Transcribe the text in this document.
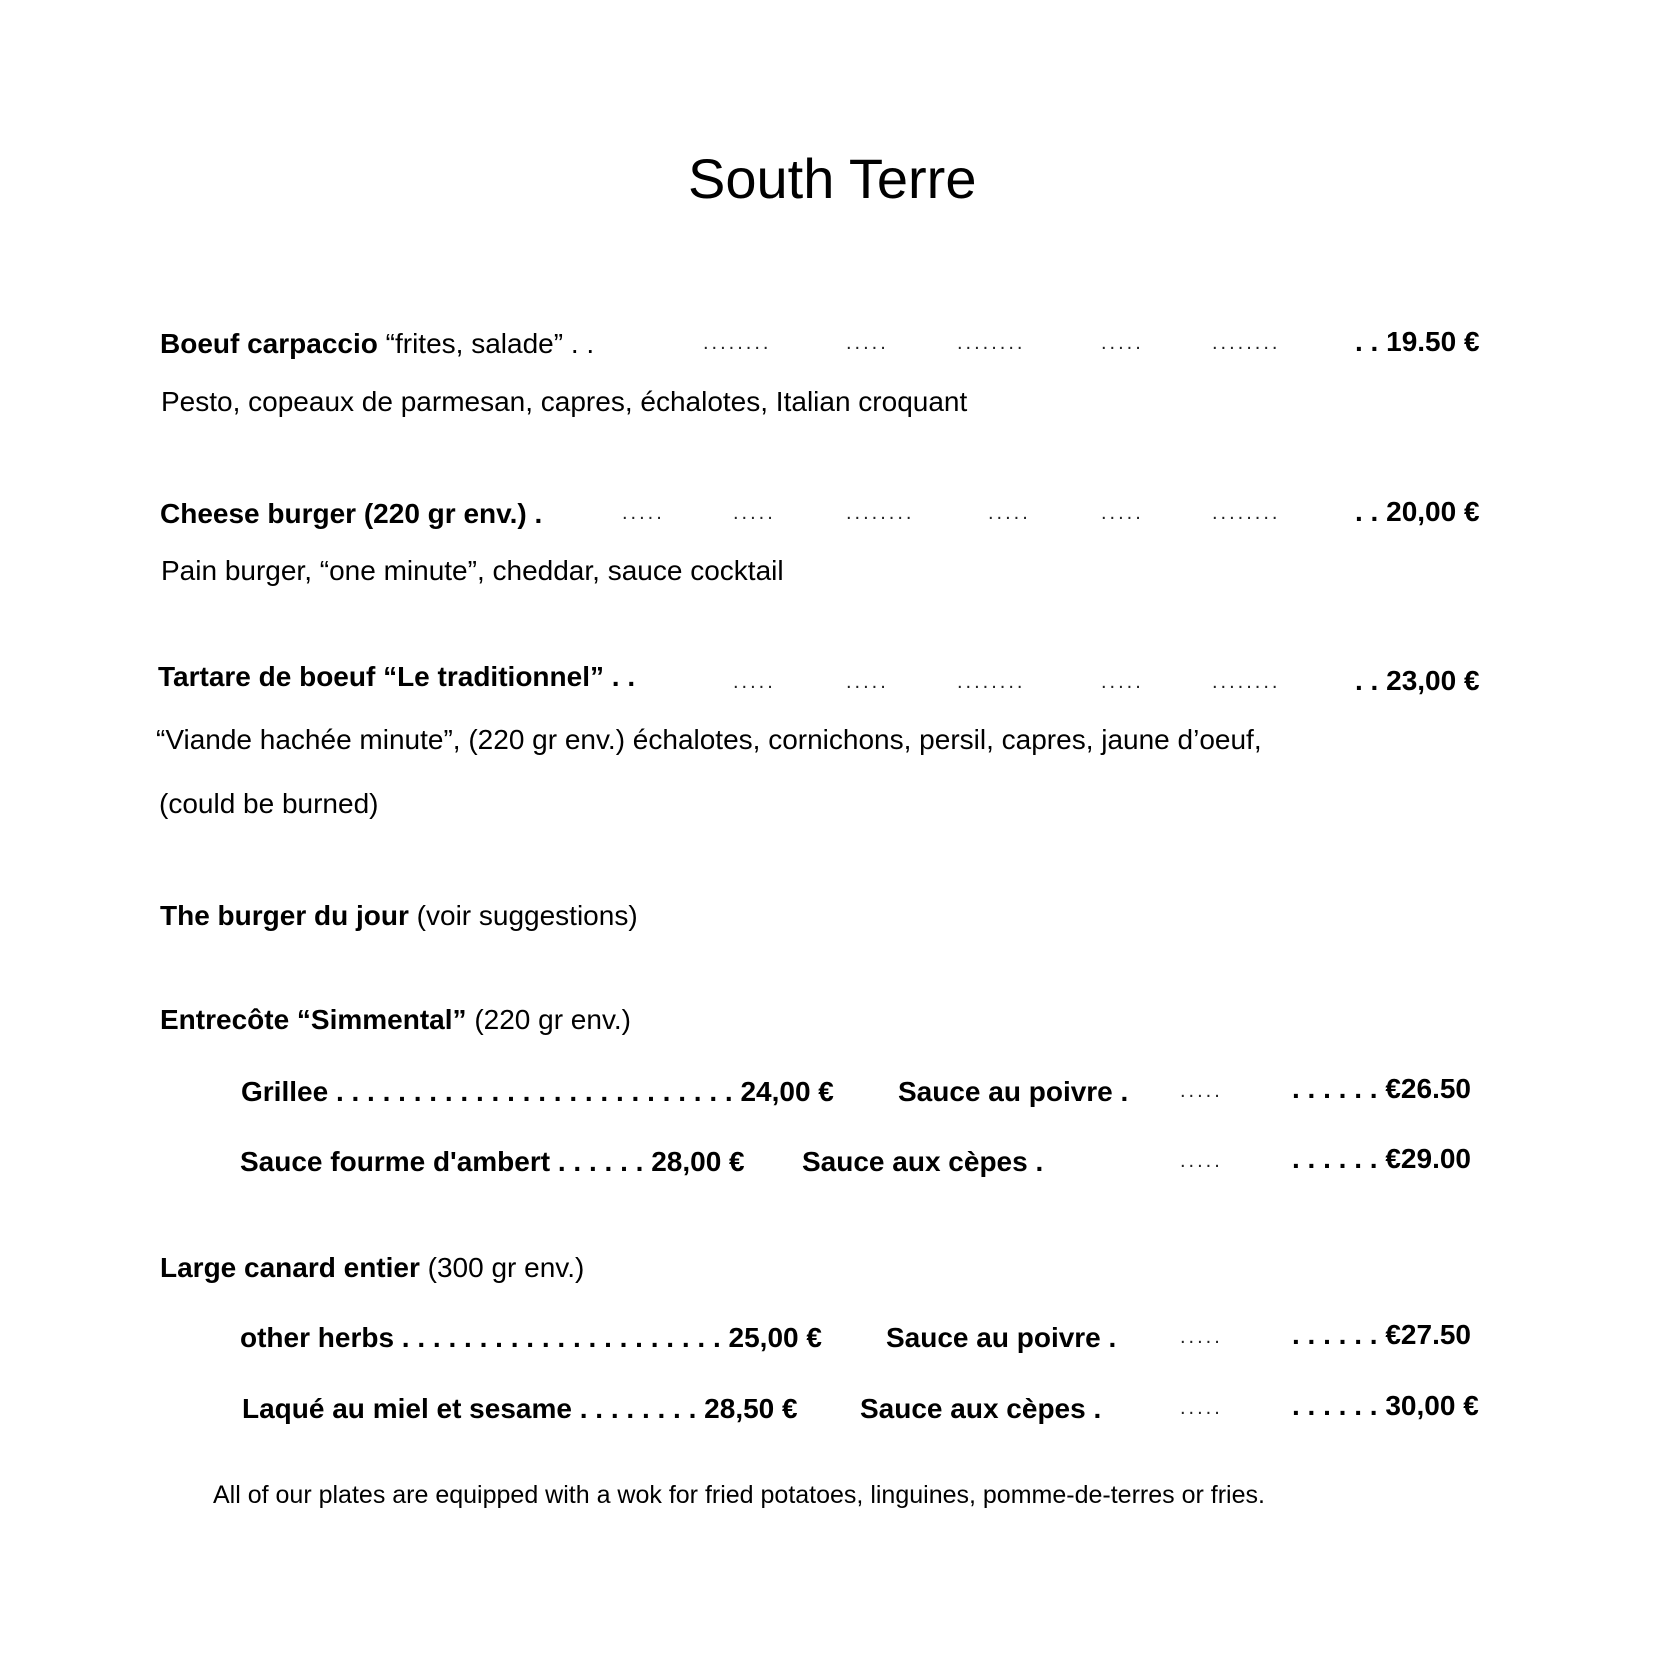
South Terre
Boeuf carpaccio “frites, salade” . .	........	.....	........	.....	........	. . 19.50 €
Pesto, copeaux de parmesan, capres, échalotes, Italian croquant
Cheese burger (220 gr env.) .	.....	.....	........	.....	.....	........	. . 20,00 €
Pain burger, “one minute”, cheddar, sauce cocktail
Tartare de boeuf “Le traditionnel” . .	.....	.....	........	.....	........	. . 23,00 €
“Viande hachée minute”, (220 gr env.) échalotes, cornichons, persil, capres, jaune d’oeuf,
(could be burned)
The burger du jour (voir suggestions)
Entrecôte “Simmental” (220 gr env.)
Grillee . . . . . . . . . . . . . . . . . . . . . . . . . . 24,00 € Sauce au poivre .	..... . . . . . . €26.50
Sauce fourme d'ambert . . . . . . 28,00 € Sauce aux cèpes .	..... . . . . . . €29.00
Large canard entier (300 gr env.)
other herbs . . . . . . . . . . . . . . . . . . . . . 25,00 € Sauce au poivre .	..... . . . . . . €27.50
Laqué au miel et sesame . . . . . . . . 28,50 € Sauce aux cèpes .	..... . . . . . . 30,00 €
All of our plates are equipped with a wok for fried potatoes, linguines, pomme-de-terres or fries.
